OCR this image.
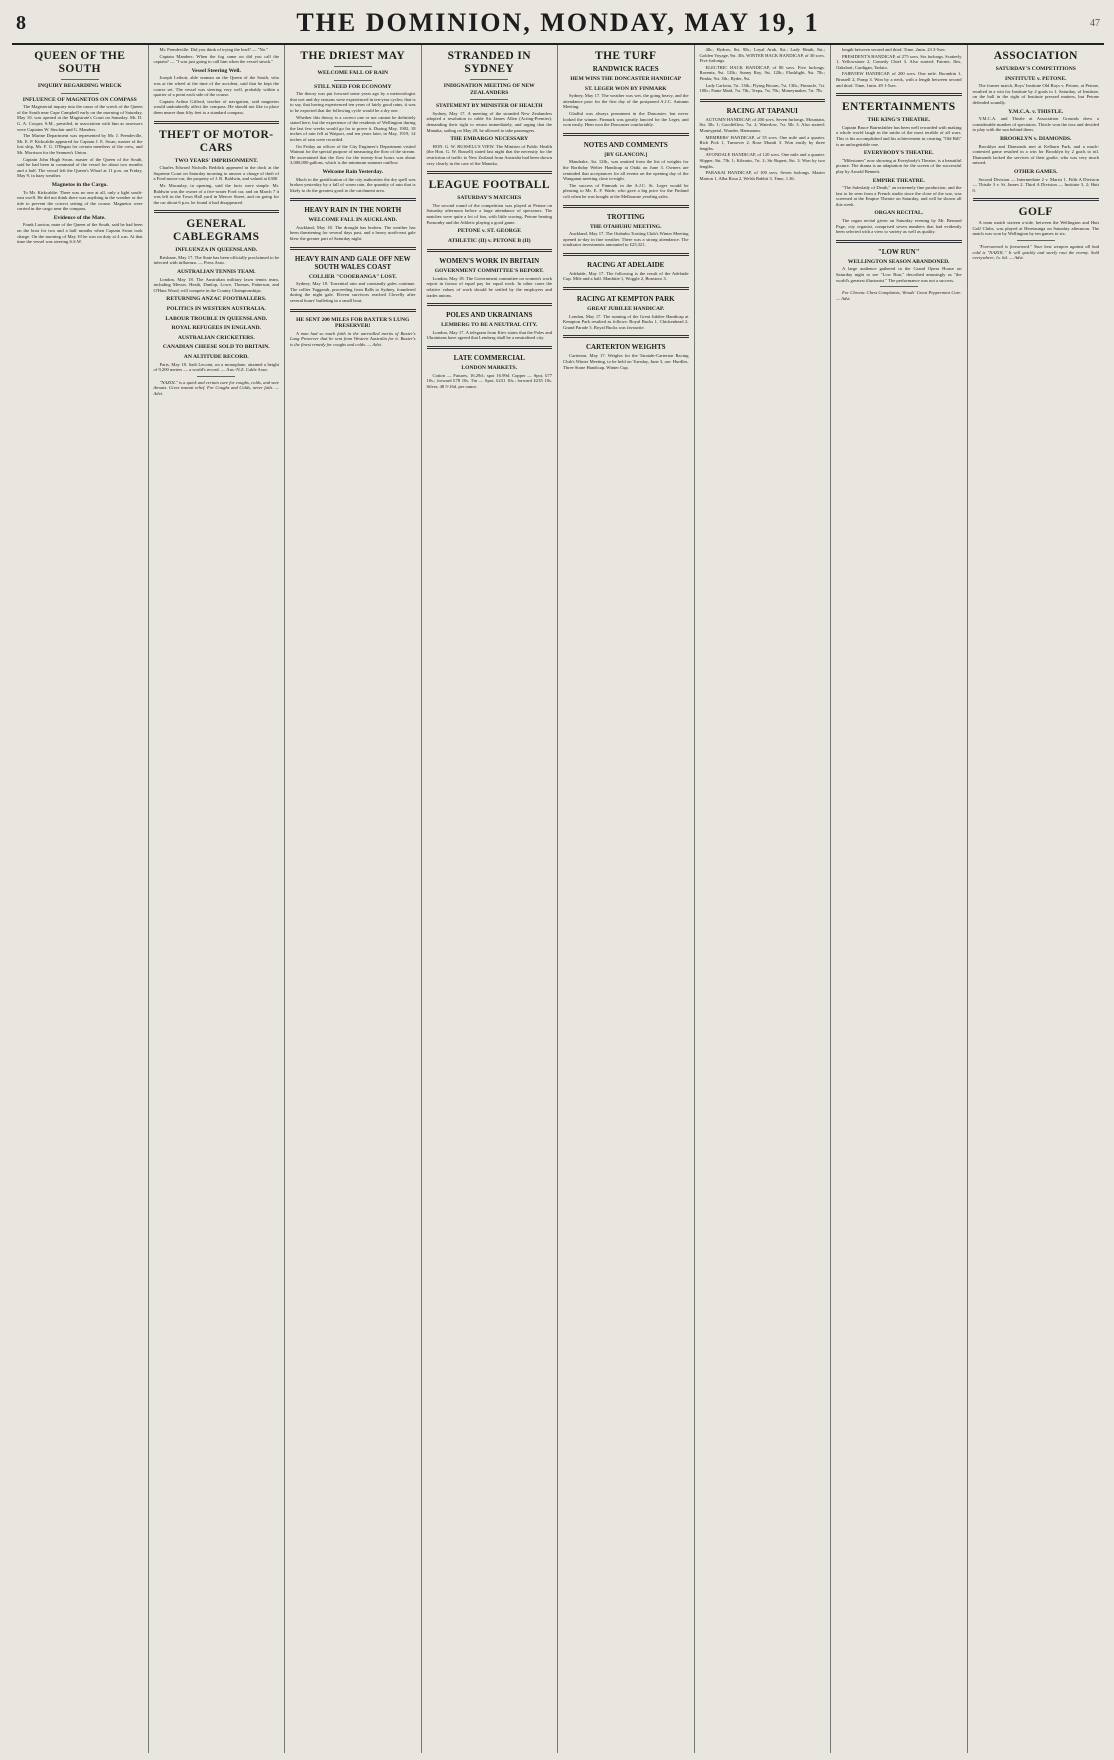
8	THE DOMINION, MONDAY, MAY 19, 1	47
QUEEN OF THE SOUTH
INQUIRY REGARDING WRECK
INFLUENCE OF MAGNETOS ON COMPASS

The Magisterial inquiry into the cause of the wreck of the Queen of the South near Cape Campbell early on the morning of Saturday, May 10, was opened at the Magistrate's Court on Saturday. Mr. D. G. A. Cooper, S.M., presided, in association with him as assessors were Captains W. Sinclair and G. Manders.

The Marine Department was represented by Mr. J. Prendeville, Mr. E. P. Kirkcaldie appeared for Captain J. E. Swan, master of the lost ship, Mr. F. G. O'Regan for certain members of the crew, and Mr. Morrison for the Seamen's Union.

Captain John Hugh Swan, master of the Queen of the South, said he had been in command of the vessel for about two months and a half. The vessel left the Queen's Wharf at 11 p.m. on Friday, May 9, in hazy weather.

Magnetos in the Cargo.

To Mr. Kirkcaldie: There was no one at all, only a light south-east swell. He did not think there was anything in the weather or the tide to prevent the correct setting of the course. Magnetos were carried in the cargo near the compass.

Evidence of the Mate.

Frank Lawton, mate of the Queen of the South, said he had been on the boat for two and a half months when Captain Swan took charge. On the morning of May 10 he was on duty at 4 a.m. At that time the vessel was steering S.S.W.

Mr. Prendeville: Did you think of trying the lead? — "No."

Captain Manders: When the fog came on did you call the captain? — "I was just going to call him when the vessel struck."

Vessel Steering Well.

Joseph Leibott, able seaman on the Queen of the South, who was at the wheel at the time of the accident, said that he kept the course set. The vessel was steering very well, probably within a quarter of a point each side of the course.

Captain Arthur Gifford, teacher of navigation, said magnetos would undoubtedly affect the compass. He should not like to place them nearer than fifty feet to a standard compass.

THEFT OF MOTOR-CARS
TWO YEARS' IMPRISONMENT.

Charles Edward Nicholls Reddick appeared in the dock at the Supreme Court on Saturday morning to answer a charge of theft of a Ford motor-car, the property of J. R. Baldwin, and valued at £300.

Mr. Macaulay, in opening, said the facts were simple. Mr. Baldwin was the owner of a five-seater Ford car, and on March 7 it was left in the Town Hall yard in Mercer Street, and on going for the car about 6 p.m. he found it had disappeared.

GENERAL CABLEGRAMS
INFLUENZA IN QUEENSLAND.

Brisbane, May 17. The State has been officially proclaimed to be infected with influenza. — Press Assn.

AUSTRALIAN TENNIS TEAM.

London, May 18. The Australian military lawn tennis team, including Messrs. Heath, Dunlop, Lowe, Thomas, Patterson, and O'Hara Wood, will compete in the County Championships.

RETURNING ANZAC FOOTBALLERS.
POLITICS IN WESTERN AUSTRALIA.
LABOUR TROUBLE IN QUEENSLAND.
ROYAL REFUGEES IN ENGLAND.
AUSTRALIAN CRICKETERS.
CANADIAN CHEESE SOLD TO BRITAIN.
AN ALTITUDE RECORD.

Paris, May 18. Sadi Lecoint, on a monoplane, attained a height of 9,200 metres — a world's record. — Aus.-N.Z. Cable Assn.

"NAZOL" is a quick and certain cure for coughs, colds, and sore throats. Gives instant relief. For Coughs and Colds, never fails. — Advt.

THE DRIEST MAY
WELCOME FALL OF RAIN
STILL NEED FOR ECONOMY

The theory was put forward some years ago by a meteorologist that wet and dry seasons were experienced in ten-year cycles; that is to say, that having experienced ten years of fairly good rains, it was to be expected that the following cycle would be a dry one.

Whether this theory is a correct one or not cannot be definitely stated here, but the experience of the residents of Wellington during the last few weeks would go far to prove it. During May, 1902, 18 inches of rain fell at Waipori, and ten years later, in May, 1919, 14 inches of rain were recorded.

On Friday an officer of the City Engineer's Department visited Waimui for the special purpose of measuring the flow of the stream. He ascertained that the flow for the twenty-four hours was about 3,000,000 gallons, which is the minimum summer outflow.

Welcome Rain Yesterday.

Much to the gratification of the city authorities the dry spell was broken yesterday by a fall of warm rain, the quantity of rain that is likely to do the greatest good to the catchment area.

HEAVY RAIN IN THE NORTH
WELCOME FALL IN AUCKLAND.

Auckland, May 18. The drought has broken. The weather has been threatening for several days past, and a heavy north-east gale blew the greater part of Saturday night.

HEAVY RAIN AND GALE OFF NEW SOUTH WALES COAST
COLLIER "COOERANGA" LOST.

Sydney, May 18. Torrential rain and constantly gales continue. The collier Tuggerah, proceeding from Balls to Sydney, foundered during the night gale. Eleven survivors reached Clovelly after several hours' buffeting in a small boat.

HE SENT 200 MILES FOR BAXTER'S LUNG PRESERVER!

A man had so much faith in the unrivalled merits of Baxter's Lung Preserver that he sent from Western Australia for it. Baxter's is the finest remedy for coughs and colds. — Advt.

STRANDED IN SYDNEY
INDIGNATION MEETING OF NEW ZEALANDERS
STATEMENT BY MINISTER OF HEALTH

Sydney, May 17. A meeting of the stranded New Zealanders adopted a resolution to cable Sir James Allen (Acting-Premier), demanding their right to return immediately, and urging that the Manuka, sailing on May 20, be allowed to take passengers.

THE EMBARGO NECESSARY

HON. G. W. RUSSELL'S VIEW. The Minister of Public Health (the Hon. G. W. Russell) stated last night that the necessity for the restriction of traffic to New Zealand from Australia had been shown very clearly in the case of the Manuka.

LEAGUE FOOTBALL
SATURDAY'S MATCHES

The second round of the competition was played at Petone on Saturday afternoon before a large attendance of spectators. The matches were quite a lot of fun, with little scoring, Petone beating Ponsonby and the Athletic playing a good game.

PETONE v. ST. GEORGE
ATHLETIC (II) v. PETONE B (II)
WOMEN'S WORK IN BRITAIN
GOVERNMENT COMMITTEE'S REPORT.

London, May 18. The Government committee on women's work report in favour of equal pay for equal work. In other cases the relative values of work should be settled by the employers and trades unions.

POLES AND UKRAINIANS
LEMBERG TO BE A NEUTRAL CITY.

London, May 17. A telegram from Kiev states that the Poles and Ukrainians have agreed that Lemberg shall be a neutralised city.

LATE COMMERCIAL
LONDON MARKETS.

Cotton — Futures, 16.29d.; spot 16.99d. Copper — Spot, £77 10s.; forward £78 10s. Tin — Spot, £231 10s.; forward £235 10s. Silver, 48 5-16d. per ounce.

THE TURF
RANDWICK RACES
HEM WINS THE DONCASTER HANDICAP
ST. LEGER WON BY FINMARK

Sydney, May 17. The weather was wet, the going heavy, and the attendance poor for the first day of the postponed A.J.C. Autumn Meeting.

Gladful was always prominent in the Doncaster, but never looked the winner. Finmark was greatly fancied for the Leger, and won easily. Hem won the Doncaster comfortably.

NOTES AND COMMENTS
[BY GLANCON.]

Mandrake, 3st. 12lb., was omitted from the list of weights for the Borthday Welter Handicap at Otaki on June 3. Owners are reminded that acceptances for all events on the opening day of the Wanganui meeting close to-night.

The success of Finmark in the A.J.C. St. Leger would be pleasing to Mr. E. F. Wade, who gave a big price for the Finland colt when he was bought at the Melbourne yearling sales.

TROTTING
THE OTAHUHU MEETING.

Auckland, May 17. The Otahuhu Trotting Club's Winter Meeting opened to-day in fine weather. There was a strong attendance. The totalisator investments amounted to £25,321.

RACING AT ADELAIDE

Adelaide, May 17. The following is the result of the Adelaide Cup. Mile and a half. Manhitte 1, Woggle 2, Bonstoro 3.

RACING AT KEMPTON PARK
GREAT JUBILEE HANDICAP.

London, May 17. The running of the Great Jubilee Handicap at Kempton Park resulted as follows: Royal Bucks 1, Chickenhead 2, Grand Parade 3. Royal Bucks was favourite.

CARTERTON WEIGHTS

Carterton, May 17. Weights for the Taratahi-Carterton Racing Club's Winter Meeting, to be held on Tuesday, June 3, are: Hurdles, Three Stone Handicap, Winter Cup.

4lb.; Hydros, 8st. 9lb.; Loyal Arab, 8st.; Lady Heath, 8st.; Golden Voyage, 9st. 3lb. WINTER HACK HANDICAP, of 30 sovs. Five furlongs.

ELECTRIC HACK HANDICAP, of 80 sovs. Five furlongs. Ravenia, 9st. 12lb.; Sunny Boy, 9st. 12lb.; Flashlight, 9st. 7lb.; Pindar, 9st. 3lb.; Ryder, 9st.

Lady Carlotta, 7st. 13lb.; Flying Broom, 7st. 13lb.; Finnacle, 7st. 10lb.; Fanie Maid, 7st. 7lb.; Trepa, 7st. 7lb.; Moneymaker, 7st. 7lb.

RACING AT TAPANUI

AUTUMN HANDICAP, of 200 sovs. Seven furlongs. Mountain, 8st. 3lb. 1; Goodfellow, 7st. 2; Waterlow, 7st. 5lb. 3. Also started: Moneypetal, Wonder, Harmanaw.

MEMBERS' HANDICAP, of 55 sovs. One mile and a quarter. Rich Pick 1, Turnover 2, Rose Mundi 3. Won easily by three lengths.

AVONDALE HANDICAP, of 120 sovs. One mile and a quarter. Slipper, 8st. 7lb. 1; Kilerain, 7st. 2; Sir Rupert, 8st. 3. Won by two lengths.

PARAKAI HANDICAP, of 100 sovs. Seven furlongs. Master Marion 1, Alba Rosa 2, Welsh Rabbit 3. Time, 1.36.

length between second and third. Time, 2min. 23 3-5sec.

PRESIDENT'S HANDICAP, of 275 sovs. Six furlongs. Scatterly 1, Yellowstone 2, Comedy Chief 3. Also started: Fairnie, Ilex, Oakshott, Cardigan, Tarlato.

FAIRVIEW HANDICAP, of 200 sovs. One mile. Boomkin 1, Brustell 2, Pomp 3. Won by a neck, with a length between second and third. Time, 1min. 49 1-5sec.

ENTERTAINMENTS
THE KING'S THEATRE.

Captain Bruce Bairnsfather has been well rewarded with making a whole world laugh in the midst of the most terrible of all wars. This is his accomplished and his achievement in creating "Old Bill" is an unforgettable one.

EVERYBODY'S THEATRE.

"Milestones" now showing at Everybody's Theatre, is a beautiful picture. The drama is an adaptation for the screen of the successful play by Arnold Bennett.

EMPIRE THEATRE.

"The Saleslady of Death," an extremely fine production, and the last to be seen from a French studio since the close of the war, was screened at the Empire Theatre on Saturday, and will be shown all this week.

ORGAN RECITAL.

The organ recital given on Saturday evening by Mr. Bernard Page, city organist, comprised seven numbers that had evidently been selected with a view to variety as well as quality.

"LOW RUN"
WELLINGTON SEASON ABANDONED.

A large audience gathered in the Grand Opera House on Saturday night to see "Low Run," described amusingly as "the world's greatest illusionist." The performance was not a success.

For Chronic Chest Complaints, Woods' Great Peppermint Cure. — Advt.

ASSOCIATION
SATURDAY'S COMPETITIONS
INSTITUTE v. PETONE.

The former match, Boys' Institute Old Boys v. Petone, at Petone, resulted in a win for Institute by 2 goals to 1. Saturday, of Institute, on the ball in the right of Institute pressed matters, but Petone defended soundly.

Y.M.C.A. v. THISTLE.

Y.M.C.A. and Thistle at Association Grounds drew a considerable number of spectators. Thistle won the toss and decided to play with the sun behind them.

BROOKLYN v. DIAMONDS.

Brooklyn and Diamonds met at Kelburn Park, and a much-contested game resulted in a win for Brooklyn by 2 goals to nil. Diamonds lacked the services of their goalie, who was very much missed.

OTHER GAMES.

Second Division — Intermediate 2 v. Marist 1. Fifth A Division — Thistle 3 v. St. James 2. Third A Division — Institute 3, 2; Hutt 0.

GOLF

A team match sixteen a-side, between the Wellington and Hutt Golf Clubs, was played at Heretaunga on Saturday afternoon. The match was won by Wellington by ten games to six.

"Forewarned is forearmed." Your best weapon against all bad cold is "NAZOL." It will quickly and surely rout the enemy. Sold everywhere, 1s. 6d. — Advt.
